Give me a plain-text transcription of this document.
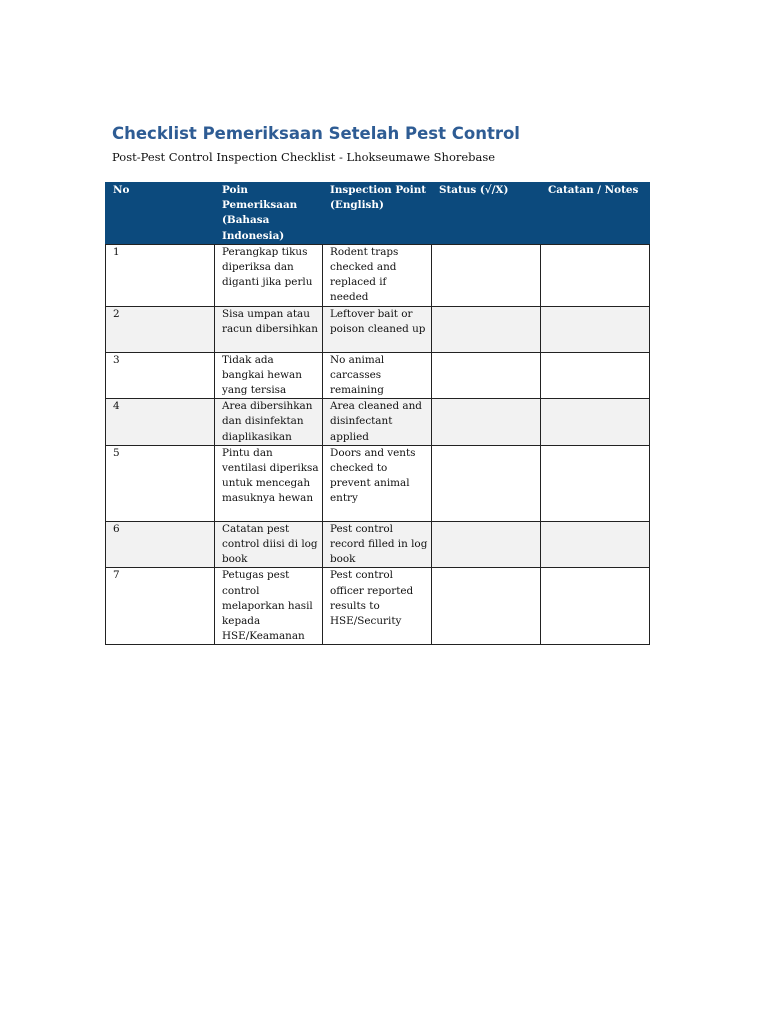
Checklist Pemeriksaan Setelah Pest Control
Post-Pest Control Inspection Checklist - Lhokseumawe Shorebase
No	Poin Pemeriksaan (Bahasa Indonesia)	Inspection Point (English)	Status (√/X)	Catatan / Notes
1	Perangkap tikus diperiksa dan diganti jika perlu	Rodent traps checked and replaced if needed		
2	Sisa umpan atau racun dibersihkan	Leftover bait or poison cleaned up		
3	Tidak ada bangkai hewan yang tersisa	No animal carcasses remaining		
4	Area dibersihkan dan disinfektan diaplikasikan	Area cleaned and disinfectant applied		
5	Pintu dan ventilasi diperiksa untuk mencegah masuknya hewan	Doors and vents checked to prevent animal entry		
6	Catatan pest control diisi di log book	Pest control record filled in log book		
7	Petugas pest control melaporkan hasil kepada HSE/Keamanan	Pest control officer reported results to HSE/Security		
